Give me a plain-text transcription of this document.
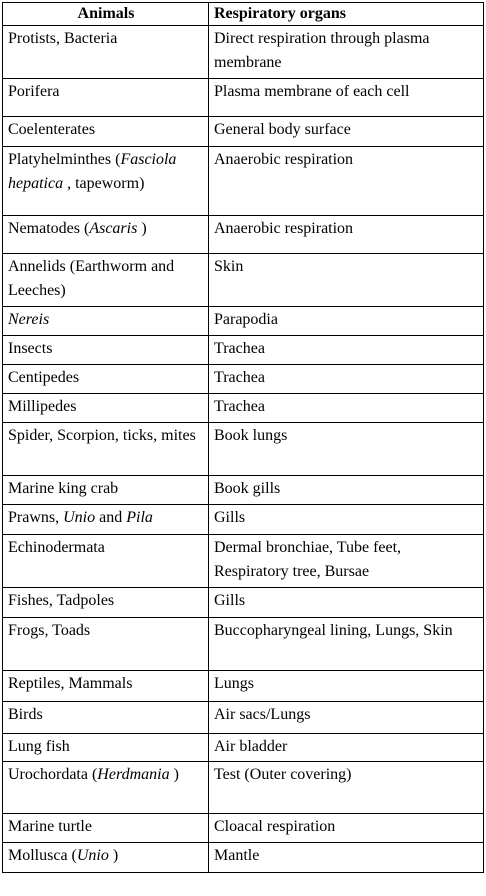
Animals	Respiratory organs
Protists, Bacteria	Direct respiration through plasma membrane
Porifera	Plasma membrane of each cell
Coelenterates	General body surface
Platyhelminthes (Fasciola hepatica , tapeworm)	Anaerobic respiration
Nematodes (Ascaris )	Anaerobic respiration
Annelids (Earthworm and Leeches)	Skin
Nereis	Parapodia
Insects	Trachea
Centipedes	Trachea
Millipedes	Trachea
Spider, Scorpion, ticks, mites	Book lungs
Marine king crab	Book gills
Prawns, Unio and Pila	Gills
Echinodermata	Dermal bronchiae, Tube feet, Respiratory tree, Bursae
Fishes, Tadpoles	Gills
Frogs, Toads	Buccopharyngeal lining, Lungs, Skin
Reptiles, Mammals	Lungs
Birds	Air sacs/Lungs
Lung fish	Air bladder
Urochordata (Herdmania )	Test (Outer covering)
Marine turtle	Cloacal respiration
Mollusca (Unio )	Mantle
